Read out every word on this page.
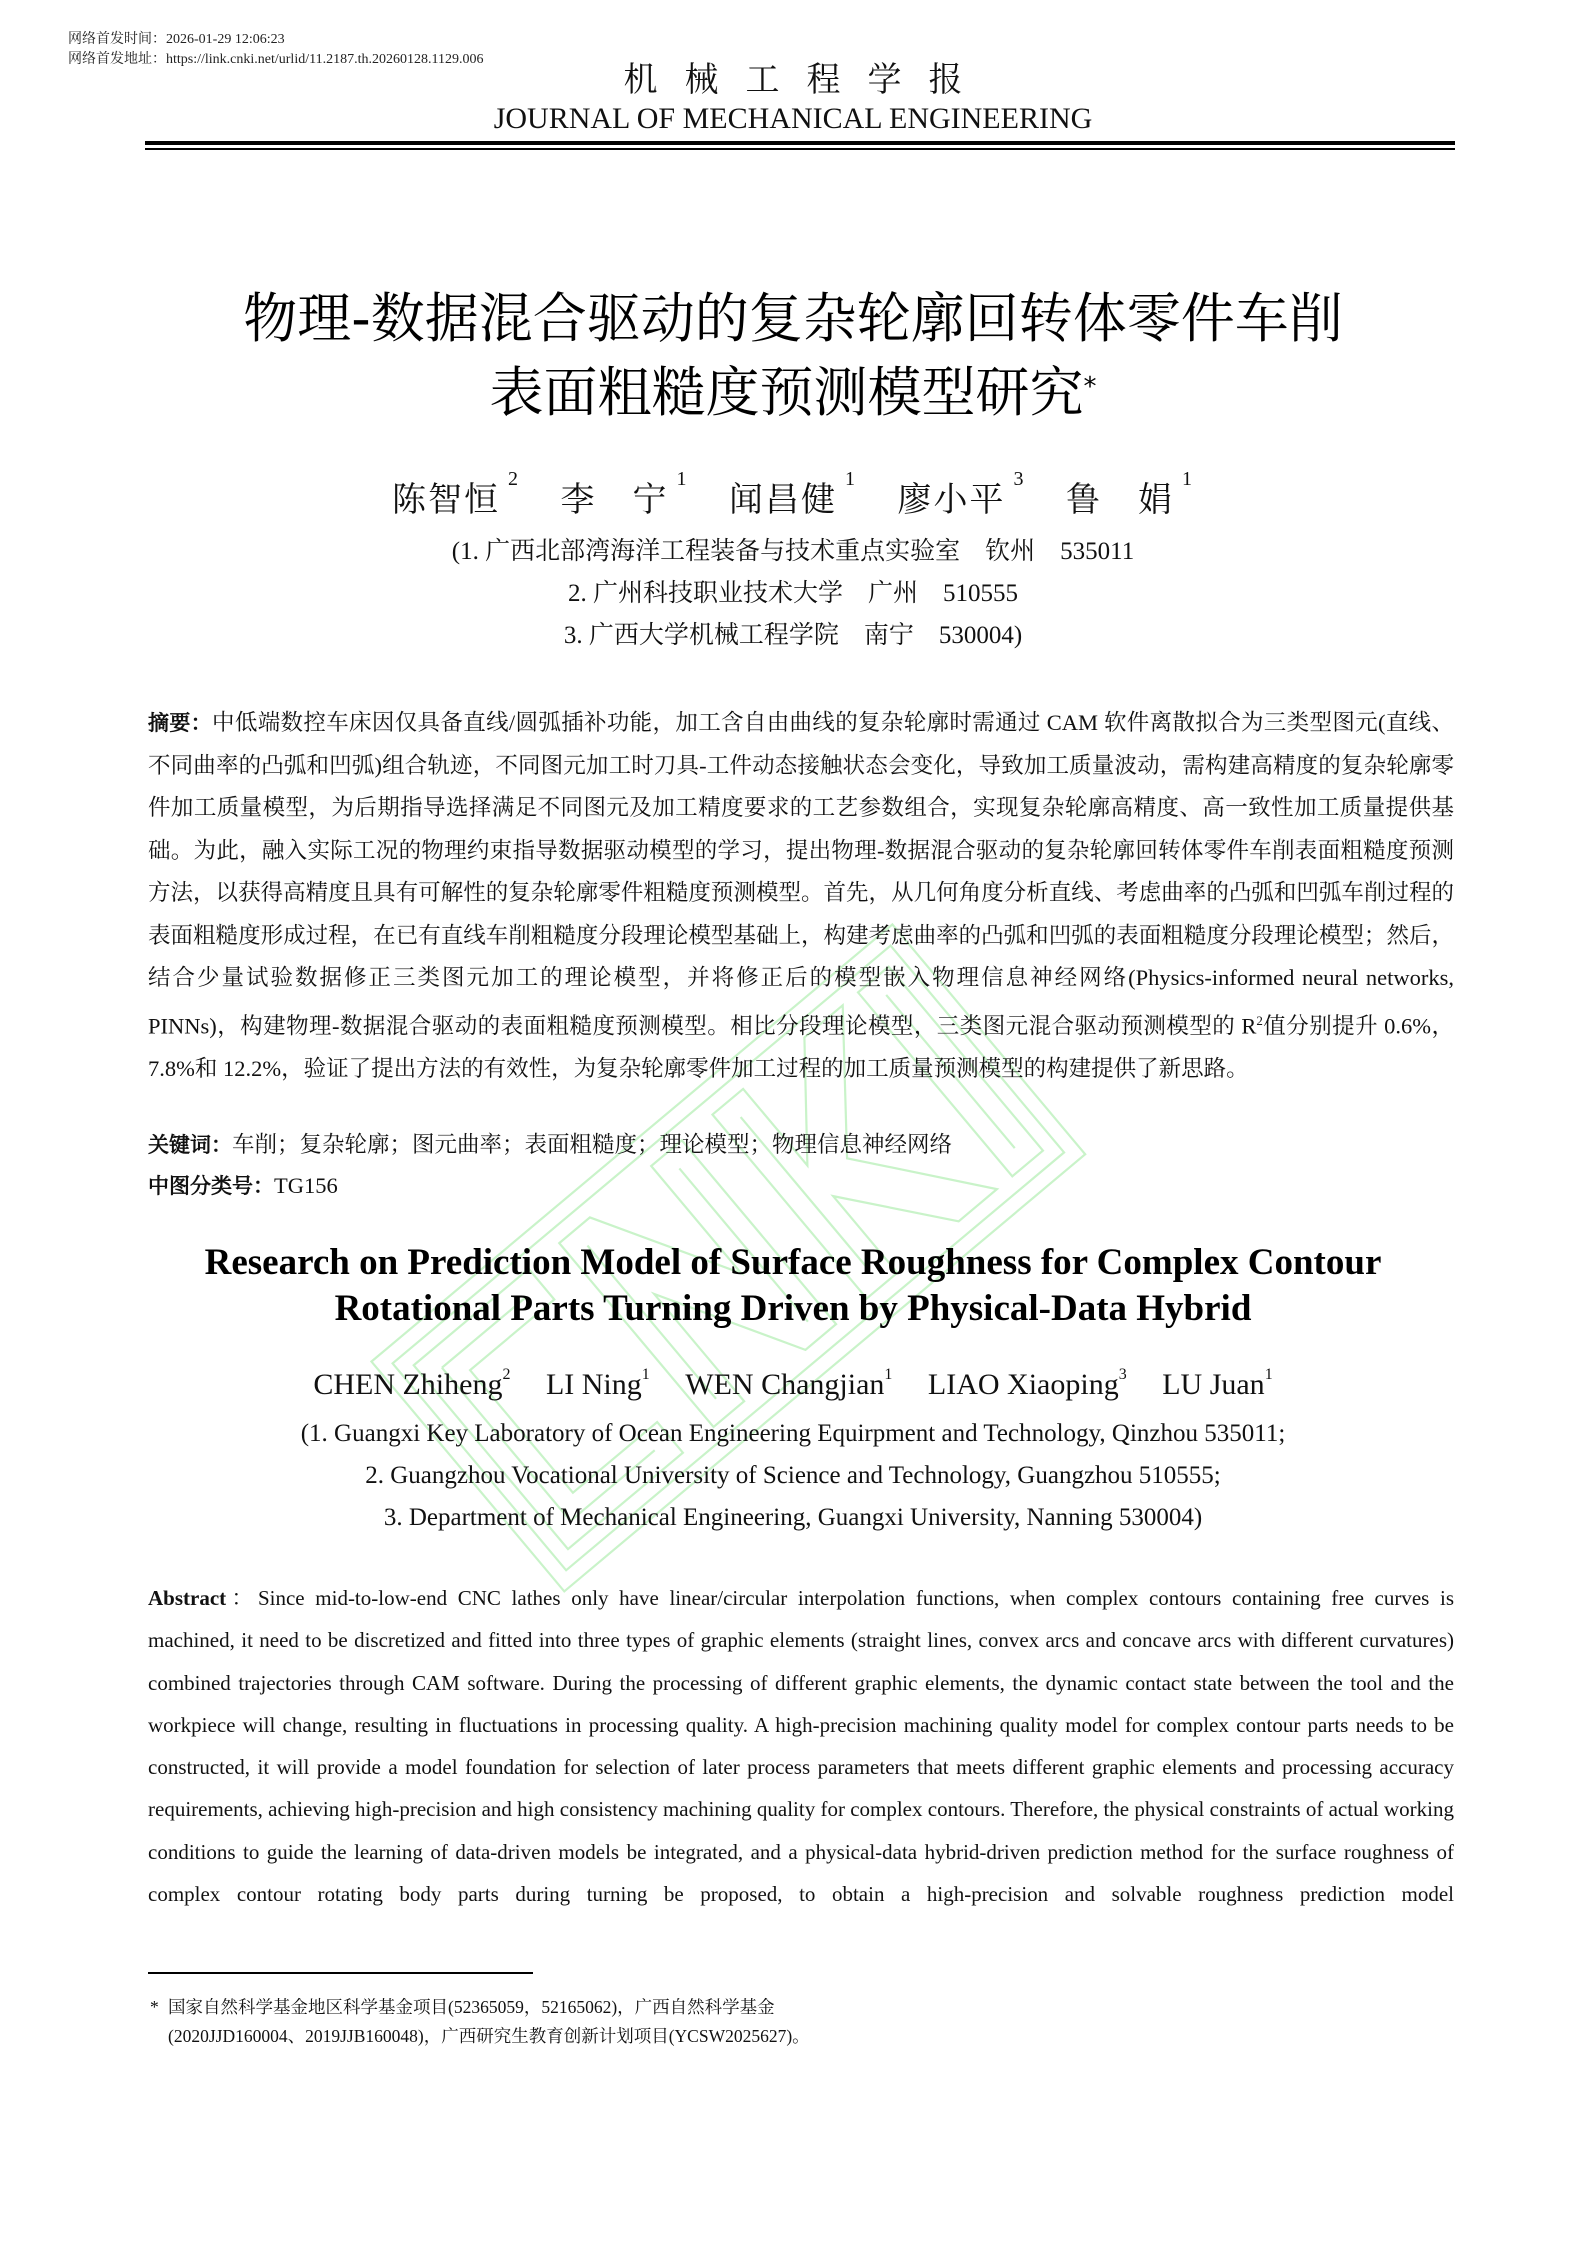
网络首发时间：2026-01-29 12:06:23
网络首发地址：https://link.cnki.net/urlid/11.2187.th.20260128.1129.006

机械工程学报
JOURNAL OF MECHANICAL ENGINEERING
物理-数据混合驱动的复杂轮廓回转体零件车削
表面粗糙度预测模型研究*
陈智恒$^2$ 李　宁$^1$ 闻昌健$^1$ 廖小平$^3$ 鲁　娟$^1$
(1. 广西北部湾海洋工程装备与技术重点实验室　钦州　535011
2. 广州科技职业技术大学　广州　510555
3. 广西大学机械工程学院　南宁　530004)
摘要：中低端数控车床因仅具备直线/圆弧插补功能，加工含自由曲线的复杂轮廓时需通过 CAM 软件离散拟合为三类型图元(直线、不同曲率的凸弧和凹弧)组合轨迹，不同图元加工时刀具-工件动态接触状态会变化，导致加工质量波动，需构建高精度的复杂轮廓零件加工质量模型，为后期指导选择满足不同图元及加工精度要求的工艺参数组合，实现复杂轮廓高精度、高一致性加工质量提供基础。为此，融入实际工况的物理约束指导数据驱动模型的学习，提出物理-数据混合驱动的复杂轮廓回转体零件车削表面粗糙度预测方法，以获得高精度且具有可解性的复杂轮廓零件粗糙度预测模型。首先，从几何角度分析直线、考虑曲率的凸弧和凹弧车削过程的表面粗糙度形成过程，在已有直线车削粗糙度分段理论模型基础上，构建考虑曲率的凸弧和凹弧的表面粗糙度分段理论模型；然后，结合少量试验数据修正三类图元加工的理论模型，并将修正后的模型嵌入物理信息神经网络(Physics-informed neural networks, PINNs)，构建物理-数据混合驱动的表面粗糙度预测模型。相比分段理论模型，三类图元混合驱动预测模型的 $R^2$值分别提升 0.6%，7.8%和 12.2%，验证了提出方法的有效性，为复杂轮廓零件加工过程的加工质量预测模型的构建提供了新思路。
关键词：车削；复杂轮廓；图元曲率；表面粗糙度；理论模型；物理信息神经网络
中图分类号：TG156
Research on Prediction Model of Surface Roughness for Complex Contour
Rotational Parts Turning Driven by Physical-Data Hybrid
CHEN Zhiheng$^2$ LI Ning$^1$ WEN Changjian$^1$ LIAO Xiaoping$^3$ LU Juan$^1$
(1. Guangxi Key Laboratory of Ocean Engineering Equirpment and Technology, Qinzhou 535011;
2. Guangzhou Vocational University of Science and Technology, Guangzhou 510555;
3. Department of Mechanical Engineering, Guangxi University, Nanning 530004)
Abstract：Since mid-to-low-end CNC lathes only have linear/circular interpolation functions, when complex contours containing free curves is machined, it need to be discretized and fitted into three types of graphic elements (straight lines, convex arcs and concave arcs with different curvatures) combined trajectories through CAM software. During the processing of different graphic elements, the dynamic contact state between the tool and the workpiece will change, resulting in fluctuations in processing quality. A high-precision machining quality model for complex contour parts needs to be constructed, it will provide a model foundation for selection of later process parameters that meets different graphic elements and processing accuracy requirements, achieving high-precision and high consistency machining quality for complex contours. Therefore, the physical constraints of actual working conditions to guide the learning of data-driven models be integrated, and a physical-data hybrid-driven prediction method for the surface roughness of complex contour rotating body parts during turning be proposed, to obtain a high-precision and solvable roughness prediction model
* 国家自然科学基金地区科学基金项目(52365059，52165062)，广西自然科学基金(2020JJD160004、2019JJB160048)，广西研究生教育创新计划项目(YCSW2025627)。
